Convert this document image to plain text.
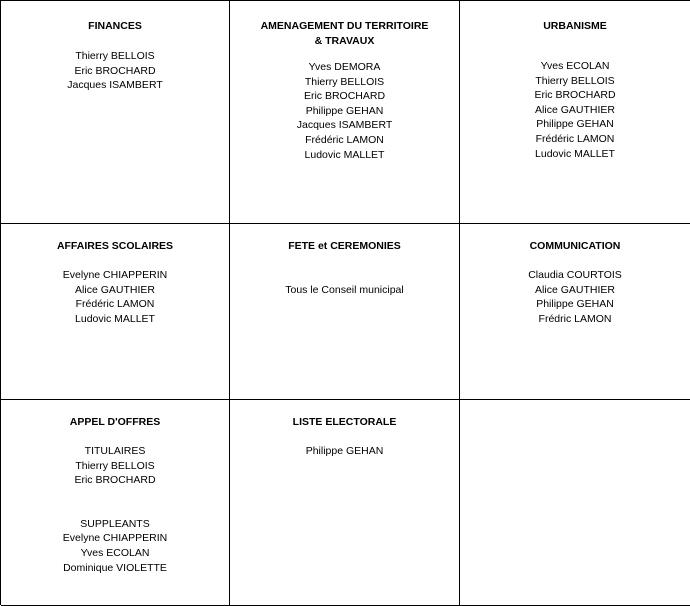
FINANCES
Thierry BELLOIS
Eric BROCHARD
Jacques ISAMBERT
AMENAGEMENT DU TERRITOIRE
& TRAVAUX
Yves DEMORA
Thierry BELLOIS
Eric BROCHARD
Philippe GEHAN
Jacques ISAMBERT
Frédéric LAMON
Ludovic MALLET
URBANISME
Yves ECOLAN
Thierry BELLOIS
Eric BROCHARD
Alice GAUTHIER
Philippe GEHAN
Frédéric LAMON
Ludovic MALLET
AFFAIRES SCOLAIRES
Evelyne CHIAPPERIN
Alice GAUTHIER
Frédéric LAMON
Ludovic MALLET
FETE et CEREMONIES
Tous le Conseil municipal
COMMUNICATION
Claudia COURTOIS
Alice GAUTHIER
Philippe GEHAN
Frédric LAMON
APPEL D'OFFRES
TITULAIRES
Thierry BELLOIS
Eric BROCHARD
SUPPLEANTS
Evelyne CHIAPPERIN
Yves ECOLAN
Dominique VIOLETTE
LISTE ELECTORALE
Philippe GEHAN
